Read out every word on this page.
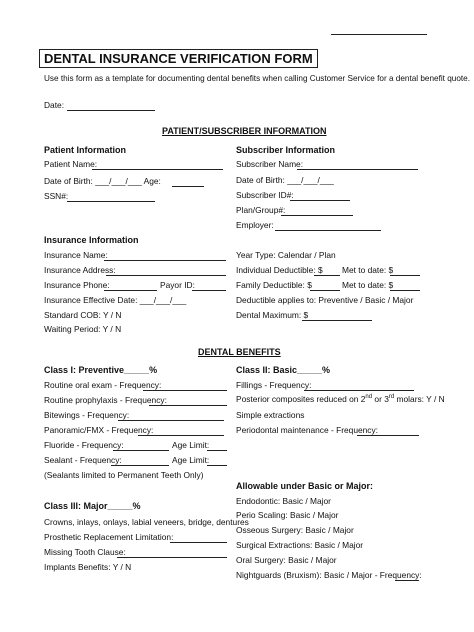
DENTAL INSURANCE VERIFICATION FORM
Use this form as a template for documenting dental benefits when calling Customer Service for a dental benefit quote.
Date:
PATIENT/SUBSCRIBER INFORMATION
Patient Information
Patient Name:
Date of Birth: ___/___/___ Age:
SSN#:
Subscriber Information
Subscriber Name:
Date of Birth: ___/___/___
Subscriber ID#:
Plan/Group#:
Employer:
Insurance Information
Insurance Name:
Insurance Address:
Insurance Phone:	Payor ID:
Insurance Effective Date: ___/___/___
Standard COB: Y / N
Waiting Period: Y / N
Year Type: Calendar / Plan
Individual Deductible: $ Met to date: $
Family Deductible: $	Met to date: $
Deductible applies to: Preventive / Basic / Major
Dental Maximum: $
DENTAL BENEFITS
Class I: Preventive_____%
Routine oral exam - Frequency:
Routine prophylaxis - Frequency:
Bitewings - Frequency:
Panoramic/FMX - Frequency:
Fluoride - Frequency:	Age Limit:
Sealant - Frequency:	Age Limit:
(Sealants limited to Permanent Teeth Only)
Class II: Basic_____%
Fillings - Frequency:
Posterior composites reduced on 2nd or 3rd molars: Y / N
Simple extractions
Periodontal maintenance - Frequency:
Allowable under Basic or Major:
Endodontic: Basic / Major
Perio Scaling: Basic / Major
Osseous Surgery: Basic / Major
Surgical Extractions: Basic / Major
Oral Surgery: Basic / Major
Nightguards (Bruxism): Basic / Major - Frequency:
Class III: Major_____%
Crowns, inlays, onlays, labial veneers, bridge, dentures
Prosthetic Replacement Limitation:
Missing Tooth Clause:
Implants Benefits: Y / N
